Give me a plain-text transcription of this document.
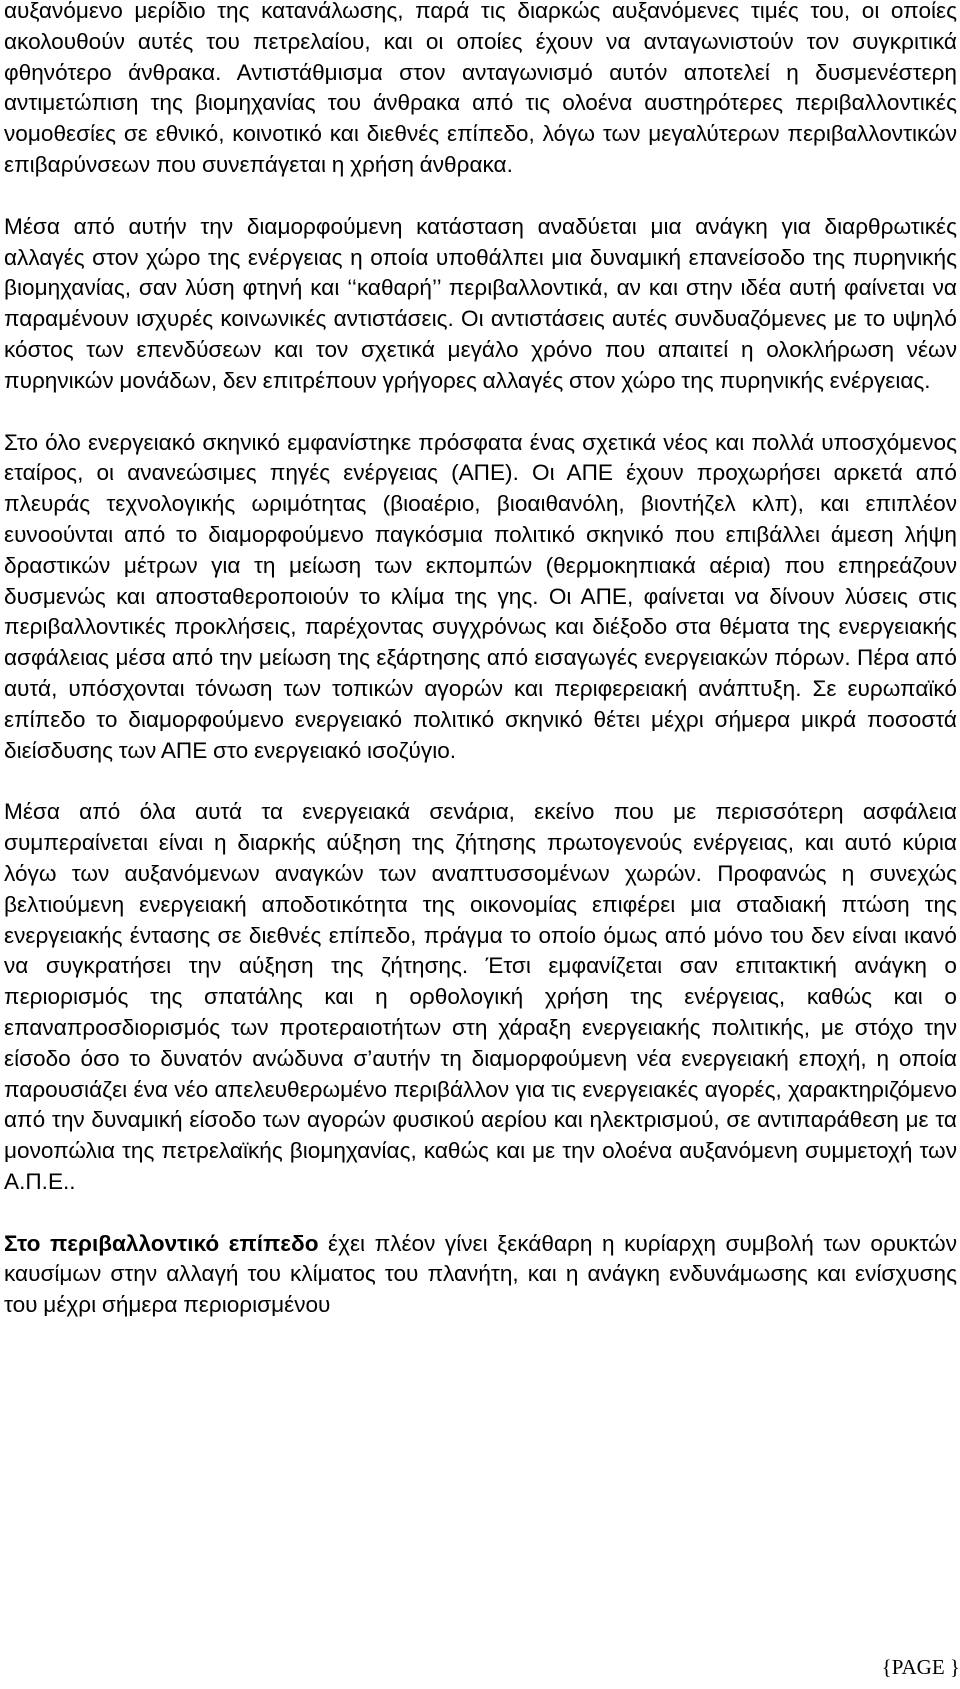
αυξανόμενο μερίδιο της κατανάλωσης, παρά τις διαρκώς αυξανόμενες τιμές του, οι οποίες ακολουθούν αυτές του πετρελαίου, και οι οποίες έχουν να ανταγωνιστούν τον συγκριτικά φθηνότερο άνθρακα. Αντιστάθμισμα στον ανταγωνισμό αυτόν αποτελεί η δυσμενέστερη αντιμετώπιση της βιομηχανίας του άνθρακα από τις ολοένα αυστηρότερες περιβαλλοντικές νομοθεσίες σε εθνικό, κοινοτικό και διεθνές επίπεδο, λόγω των μεγαλύτερων περιβαλλοντικών επιβαρύνσεων που συνεπάγεται η χρήση άνθρακα.

Μέσα από αυτήν την διαμορφούμενη κατάσταση αναδύεται μια ανάγκη για διαρθρωτικές αλλαγές στον χώρο της ενέργειας η οποία υποθάλπει μια δυναμική επανείσοδο της πυρηνικής βιομηχανίας, σαν λύση φτηνή και ‘‘καθαρή’’ περιβαλλοντικά, αν και στην ιδέα αυτή φαίνεται να παραμένουν ισχυρές κοινωνικές αντιστάσεις. Οι αντιστάσεις αυτές συνδυαζόμενες με το υψηλό κόστος των επενδύσεων και τον σχετικά μεγάλο χρόνο που απαιτεί η ολοκλήρωση νέων πυρηνικών μονάδων, δεν επιτρέπουν γρήγορες αλλαγές στον χώρο της πυρηνικής ενέργειας.

Στο όλο ενεργειακό σκηνικό εμφανίστηκε πρόσφατα ένας σχετικά νέος και πολλά υποσχόμενος εταίρος, οι ανανεώσιμες πηγές ενέργειας (ΑΠΕ). Οι ΑΠΕ έχουν προχωρήσει αρκετά από πλευράς τεχνολογικής ωριμότητας (βιοαέριο, βιοαιθανόλη, βιοντήζελ κλπ), και επιπλέον ευνοούνται από το διαμορφούμενο παγκόσμια πολιτικό σκηνικό που επιβάλλει άμεση λήψη δραστικών μέτρων για τη μείωση των εκπομπών (θερμοκηπιακά αέρια) που επηρεάζουν δυσμενώς και αποσταθεροποιούν το κλίμα της γης. Οι ΑΠΕ, φαίνεται να δίνουν λύσεις στις περιβαλλοντικές προκλήσεις, παρέχοντας συγχρόνως και διέξοδο στα θέματα της ενεργειακής ασφάλειας μέσα από την μείωση της εξάρτησης από εισαγωγές ενεργειακών πόρων. Πέρα από αυτά, υπόσχονται τόνωση των τοπικών αγορών και περιφερειακή ανάπτυξη. Σε ευρωπαϊκό επίπεδο το διαμορφούμενο ενεργειακό πολιτικό σκηνικό θέτει μέχρι σήμερα μικρά ποσοστά διείσδυσης των ΑΠΕ στο ενεργειακό ισοζύγιο.

Μέσα από όλα αυτά τα ενεργειακά σενάρια, εκείνο που με περισσότερη ασφάλεια συμπεραίνεται είναι η διαρκής αύξηση της ζήτησης πρωτογενούς ενέργειας, και αυτό κύρια λόγω των αυξανόμενων αναγκών των αναπτυσσομένων χωρών. Προφανώς η συνεχώς βελτιούμενη ενεργειακή αποδοτικότητα της οικονομίας επιφέρει μια σταδιακή πτώση της ενεργειακής έντασης σε διεθνές επίπεδο, πράγμα το οποίο όμως από μόνο του δεν είναι ικανό να συγκρατήσει την αύξηση της ζήτησης. Έτσι εμφανίζεται σαν επιτακτική ανάγκη ο περιορισμός της σπατάλης και η ορθολογική χρήση της ενέργειας, καθώς και ο επαναπροσδιορισμός των προτεραιοτήτων στη χάραξη ενεργειακής πολιτικής, με στόχο την είσοδο όσο το δυνατόν ανώδυνα σ’αυτήν τη διαμορφούμενη νέα ενεργειακή εποχή, η οποία παρουσιάζει ένα νέο απελευθερωμένο περιβάλλον για τις ενεργειακές αγορές, χαρακτηριζόμενο από την δυναμική είσοδο των αγορών φυσικού αερίου και ηλεκτρισμού, σε αντιπαράθεση με τα μονοπώλια της πετρελαϊκής βιομηχανίας, καθώς και με την ολοένα αυξανόμενη συμμετοχή των Α.Π.Ε..

Στο περιβαλλοντικό επίπεδο έχει πλέον γίνει ξεκάθαρη η κυρίαρχη συμβολή των ορυκτών καυσίμων στην αλλαγή του κλίματος του πλανήτη, και η ανάγκη ενδυνάμωσης και ενίσχυσης του μέχρι σήμερα περιορισμένου

{PAGE }
